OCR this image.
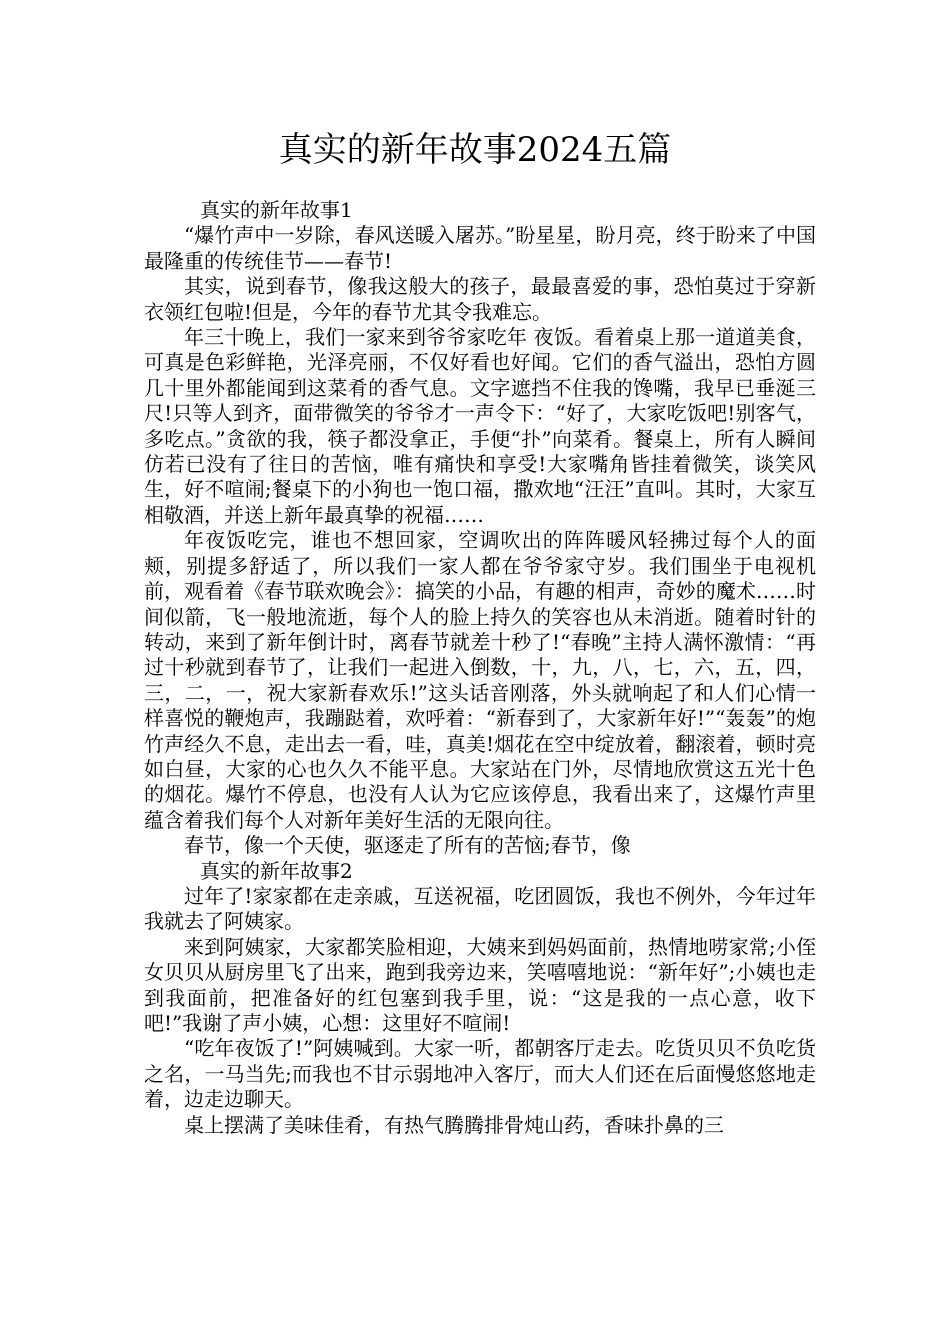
真实的新年故事2024五篇

真实的新年故事1

“爆竹声中一岁除，春风送暖入屠苏。”盼星星，盼月亮，终于盼来了中国最隆重的传统佳节——春节!

其实，说到春节，像我这般大的孩子，最最喜爱的事，恐怕莫过于穿新衣领红包啦!但是，今年的春节尤其令我难忘。

年三十晚上，我们一家来到爷爷家吃年 夜饭。看着桌上那一道道美食，可真是色彩鲜艳，光泽亮丽，不仅好看也好闻。它们的香气溢出，恐怕方圆几十里外都能闻到这菜肴的香气息。文字遮挡不住我的馋嘴，我早已垂涎三尺!只等人到齐，面带微笑的爷爷才一声令下：“好了，大家吃饭吧!别客气，多吃点。”贪欲的我，筷子都没拿正，手便“扑”向菜肴。餐桌上，所有人瞬间仿若已没有了往日的苦恼，唯有痛快和享受!大家嘴角皆挂着微笑，谈笑风生，好不喧闹;餐桌下的小狗也一饱口福，撒欢地“汪汪”直叫。其时，大家互相敬酒，并送上新年最真挚的祝福……

年夜饭吃完，谁也不想回家，空调吹出的阵阵暖风轻拂过每个人的面颊，别提多舒适了，所以我们一家人都在爷爷家守岁。我们围坐于电视机前，观看着《春节联欢晚会》：搞笑的小品，有趣的相声，奇妙的魔术……时间似箭，飞一般地流逝，每个人的脸上持久的笑容也从未消逝。随着时针的转动，来到了新年倒计时，离春节就差十秒了!“春晚”主持人满怀激情：“再过十秒就到春节了，让我们一起进入倒数，十，九，八，七，六，五，四，三，二，一，祝大家新春欢乐!”这头话音刚落，外头就响起了和人们心情一样喜悦的鞭炮声，我蹦跶着，欢呼着：“新春到了，大家新年好!”“轰轰”的炮竹声经久不息，走出去一看，哇，真美!烟花在空中绽放着，翻滚着，顿时亮如白昼，大家的心也久久不能平息。大家站在门外，尽情地欣赏这五光十色的烟花。爆竹不停息，也没有人认为它应该停息，我看出来了，这爆竹声里蕴含着我们每个人对新年美好生活的无限向往。

春节，像一个天使，驱逐走了所有的苦恼;春节，像

真实的新年故事2

过年了!家家都在走亲戚，互送祝福，吃团圆饭，我也不例外，今年过年我就去了阿姨家。

来到阿姨家，大家都笑脸相迎，大姨来到妈妈面前，热情地唠家常;小侄女贝贝从厨房里飞了出来，跑到我旁边来，笑嘻嘻地说：“新年好”;小姨也走到我面前，把准备好的红包塞到我手里，说：“这是我的一点心意，收下吧!”我谢了声小姨，心想：这里好不喧闹!

“吃年夜饭了!”阿姨喊到。大家一听，都朝客厅走去。吃货贝贝不负吃货之名，一马当先;而我也不甘示弱地冲入客厅，而大人们还在后面慢悠悠地走着，边走边聊天。

桌上摆满了美味佳肴，有热气腾腾排骨炖山药，香味扑鼻的三
